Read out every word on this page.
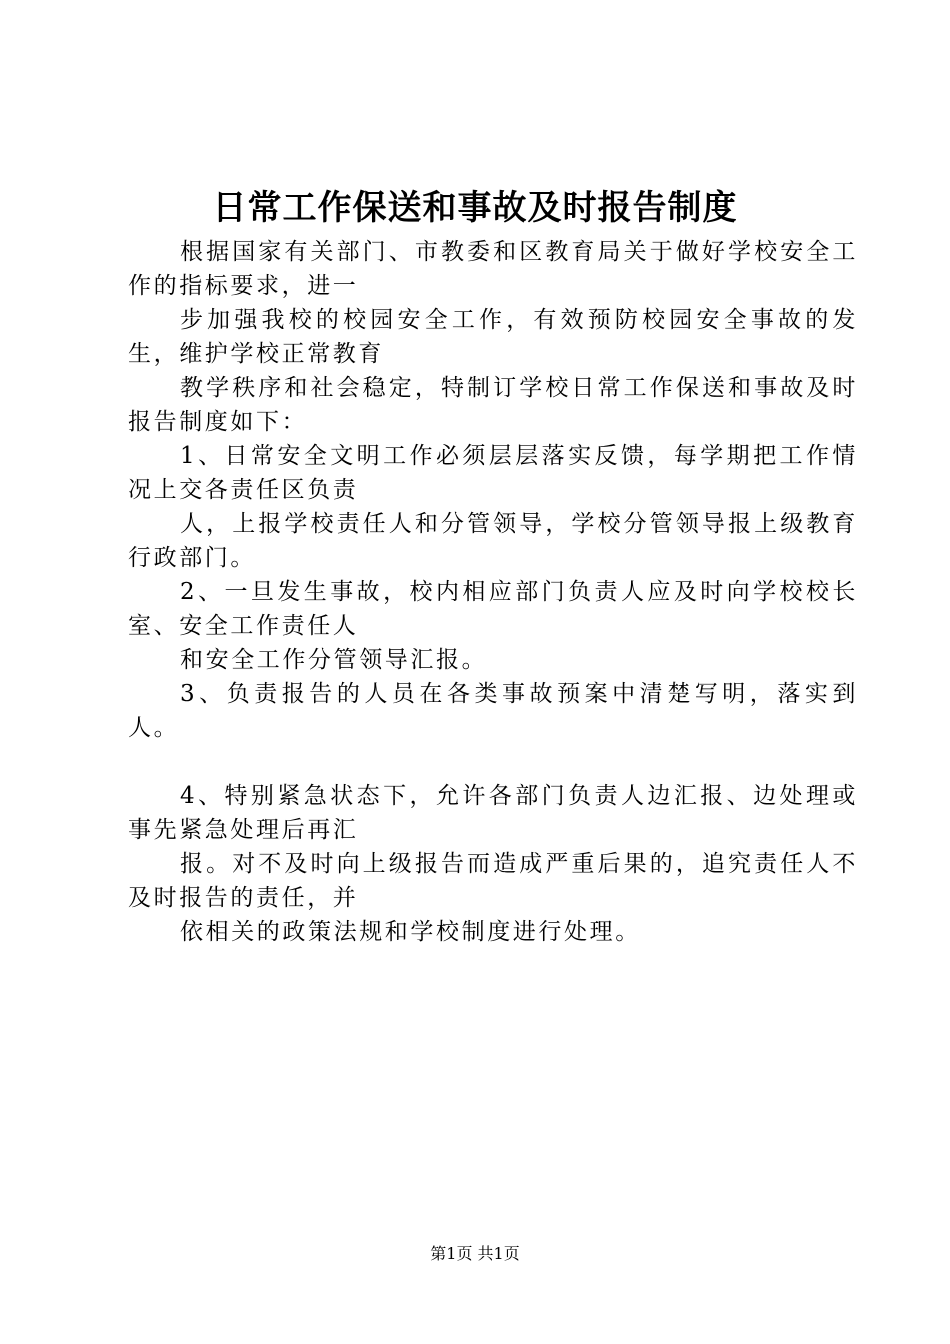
日常工作保送和事故及时报告制度

根据国家有关部门、市教委和区教育局关于做好学校安全工作的指标要求，进一

步加强我校的校园安全工作，有效预防校园安全事故的发生，维护学校正常教育

教学秩序和社会稳定，特制订学校日常工作保送和事故及时报告制度如下：

1、日常安全文明工作必须层层落实反馈，每学期把工作情况上交各责任区负责

人，上报学校责任人和分管领导，学校分管领导报上级教育行政部门。

2、一旦发生事故，校内相应部门负责人应及时向学校校长室、安全工作责任人

和安全工作分管领导汇报。

3、负责报告的人员在各类事故预案中清楚写明，落实到人。

4、特别紧急状态下，允许各部门负责人边汇报、边处理或事先紧急处理后再汇

报。对不及时向上级报告而造成严重后果的，追究责任人不及时报告的责任，并

依相关的政策法规和学校制度进行处理。

第1页 共1页
